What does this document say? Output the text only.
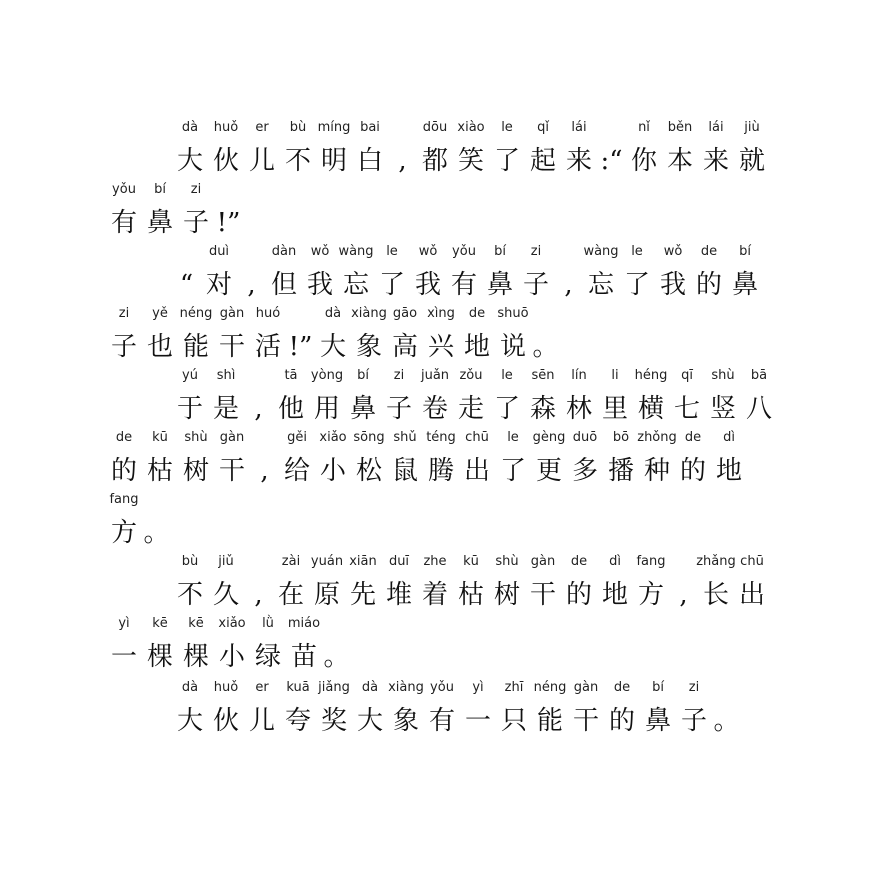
dà
大
huǒ
伙
er
儿
bù
不
míng
明
bai
白 ,
dōu
都
xiào
笑
le
了
qǐ
起
lái
来 :“
nǐ
你
běn
本
lái
来
jiù
就
yǒu
有
bí
鼻
zi
子 !”
“
duì
对 ,
dàn
但
wǒ
我
wàng
忘
le
了
wǒ
我
yǒu
有
bí
鼻
zi
子 ,
wàng
忘
le
了
wǒ
我
de
的
bí
鼻
zi
子
yě
也
néng
能
gàn
干
huó
活 !”
dà
大
xiàng
象
gāo
高
xìng
兴
de
地
shuō
说 。
yú
于
shì
是 ,
tā
他
yòng
用
bí
鼻
zi
子
juǎn
卷
zǒu
走
le
了
sēn
森
lín
林
li
里
héng
横
qī
七
shù
竖
bā
八
de
的
kū
枯
shù
树
gàn
干 ,
gěi
给
xiǎo
小
sōng
松
shǔ
鼠
téng
腾
chū
出
le
了
gèng
更
duō
多
bō
播
zhǒng
种
de
的
dì
地
fang
方 。
bù
不
jiǔ
久 ,
zài
在
yuán
原
xiān
先
duī
堆
zhe
着
kū
枯
shù
树
gàn
干
de
的
dì
地
fang
方 ,
zhǎng
长
chū
出
yì
一
kē
棵
kē
棵
xiǎo
小
lǜ
绿
miáo
苗 。
dà
大
huǒ
伙
er
儿
kuā
夸
jiǎng
奖
dà
大
xiàng
象
yǒu
有
yì
一
zhī
只
néng
能
gàn
干
de
的
bí
鼻
zi
子 。
